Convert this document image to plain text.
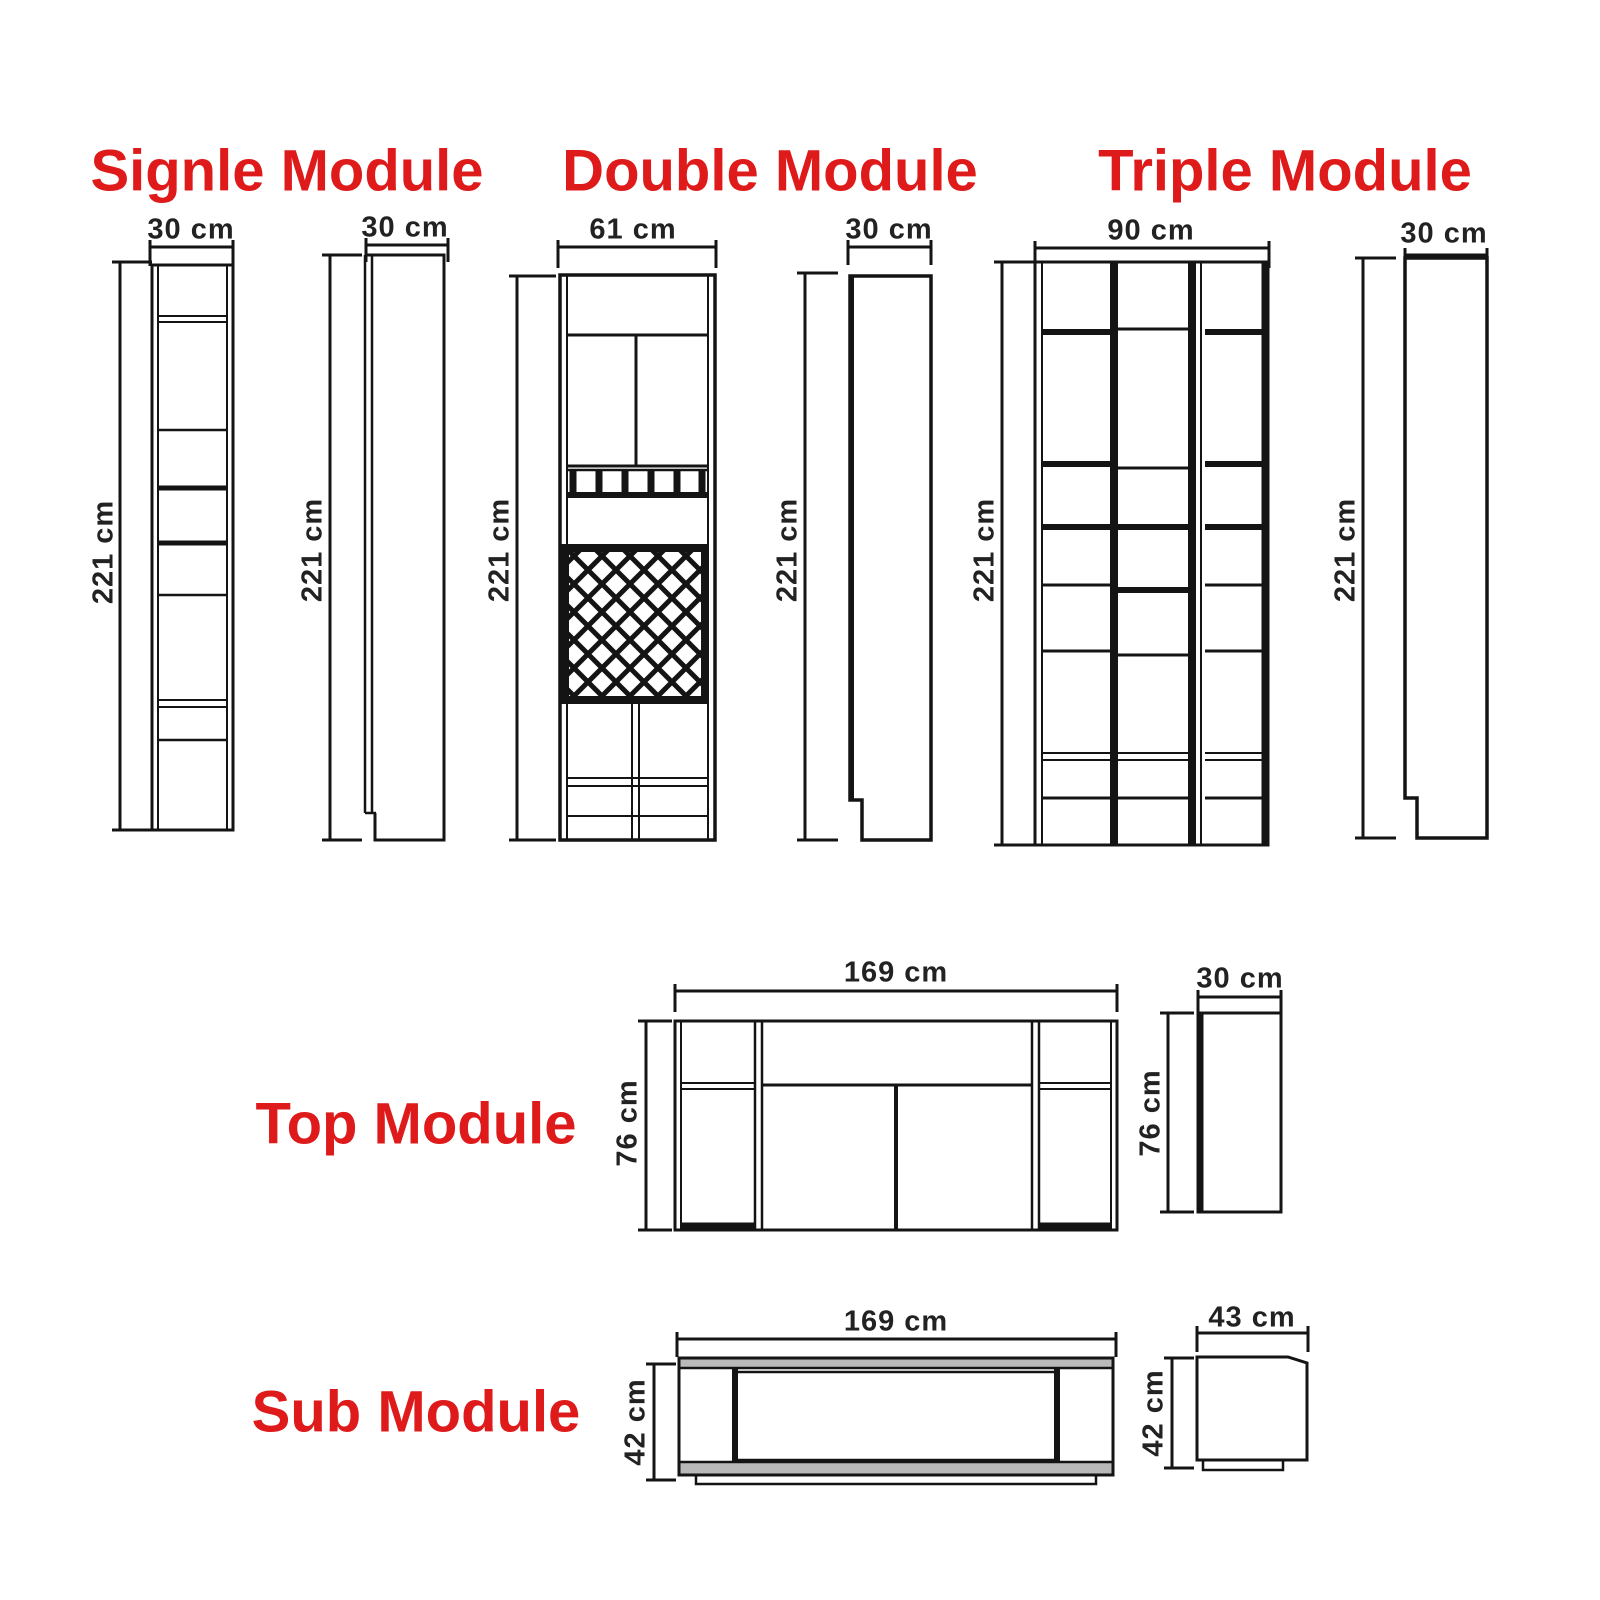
Signle Module Double Module Triple Module
Top Module
Sub Module
30 cm	30 cm	61 cm	30 cm	90 cm	30 cm
169 cm	30 cm
169 cm	43 cm
221 cm	221 cm	221 cm	221 cm	221 cm	221 cm
76 cm	76 cm
42 cm	42 cm
